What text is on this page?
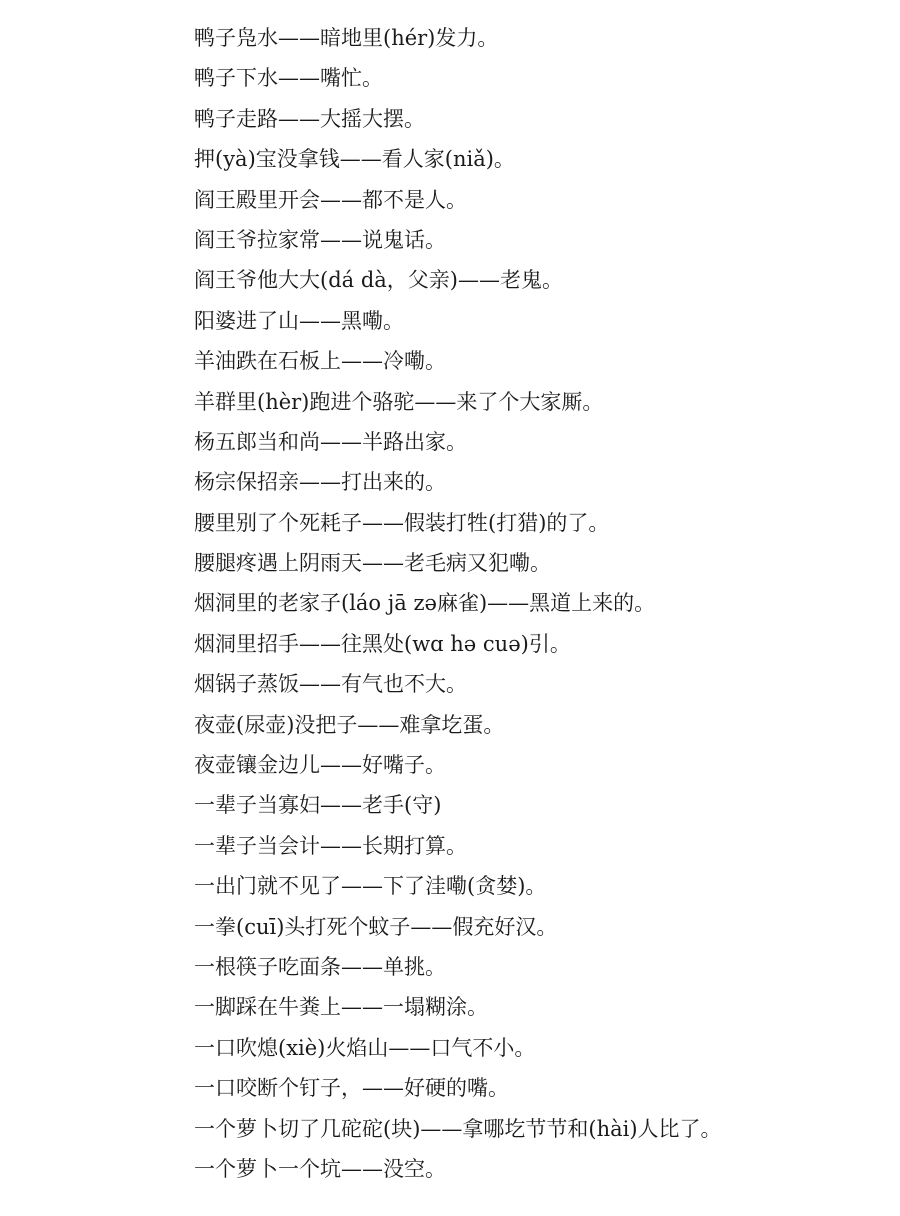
鸭子凫水——暗地里(hér)发力。
鸭子下水——嘴忙。
鸭子走路——大摇大摆。
押(yà)宝没拿钱——看人家(niǎ)。
阎王殿里开会——都不是人。
阎王爷拉家常——说鬼话。
阎王爷他大大(dá dà，父亲)——老鬼。
阳婆进了山——黑嘞。
羊油跌在石板上——冷嘞。
羊群里(hèr)跑进个骆驼——来了个大家厮。
杨五郎当和尚——半路出家。
杨宗保招亲——打出来的。
腰里别了个死耗子——假装打牲(打猎)的了。
腰腿疼遇上阴雨天——老毛病又犯嘞。
烟洞里的老家子(láo jā zə麻雀)——黑道上来的。
烟洞里招手——往黑处(wɑ hə cuə)引。
烟锅子蒸饭——有气也不大。
夜壶(尿壶)没把子——难拿圪蛋。
夜壶镶金边儿——好嘴子。
一辈子当寡妇——老手(守)
一辈子当会计——长期打算。
一出门就不见了——下了洼嘞(贪婪)。
一拳(cuī)头打死个蚊子——假充好汉。
一根筷子吃面条——单挑。
一脚踩在牛粪上——一塌糊涂。
一口吹熄(xiè)火焰山——口气不小。
一口咬断个钉子，——好硬的嘴。
一个萝卜切了几砣砣(块)——拿哪圪节节和(hài)人比了。
一个萝卜一个坑——没空。
